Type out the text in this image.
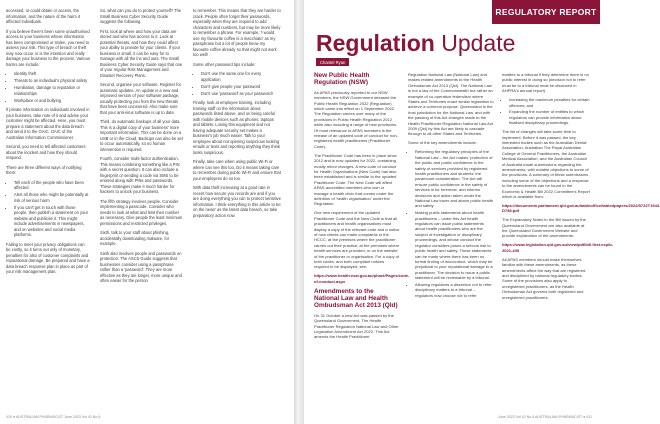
accessed, or could obtain or access, the information, and the nature of the harm it affected individuals.

If you believe there's been some unauthorised access to your business whose information has been compromised or stolen, you need to assess your risk. This type of breach or theft may now occur or is the intention and really damage your business to the process. Various harms are include:

• Identity theft
• Threats to an individual's physical safety
• Humiliation, damage to reputation or relationships
• Workplace or and bullying

If private information on individuals involved in your business, take note of it and advise your customer might be affected. Here, you must prepare a statement about the data breach and send it to the OAIC. OAIC of the Australian Information Commissioner.

Second, you need to tell affected customers about the incident and how they should respond.

There are three different ways of notifying them:

• Tell each of the people who have been affected
• Alert all those who might be potentially at risk of serious harm
• If you can't get in touch with those people, then publish a statement on your website and publicise it. This might include advertisements in newspapers, and on websites and social media platforms.

Failing to meet your privacy obligations can be costly, so it turns out only of monetary, penalties for also of customer complaints and reputational damage. Be prepared and have a data breach response plan in place as part of your risk management plan.

So, what can you do to protect yourself? The Small Business Cyber Security Guide suggests the following.

First, look at where and how your data are stored and who has access to it. Look at potential threats, and how they could affect your ability to provide for your clients. If your business is small, it can be easy for to manage with all the ins and outs. The Small Business Cyber Security Guide says that one of your regular Risk Management and Disaster Recovery Plans.

Second, organise your software. Register for automatic updates. An update is a new and improved version of your software package, usually protecting you from the new threats that have been uncovered. Also make sure that your anti-virus software is up to date.

Third, do automatic backups of all your data. This is a digital copy of your business' more important information. This can be done on a USB or in the Cloud. Backups can also be set to occur automatically, so no human intervention is required.

Fourth, consider multi-factor authentication. This means combining something like a PIN with a secret question. It can also include a fingerprint or sending a code via SMS to be entered along with PINs and passwords. These strategies make it much harder for hackers to unlock your business.

The fifth strategy involves people. Consider implementing a passcode. Consider who needs to look at what and limit their number as necessary. Give people the least minimum permissions and restricted privileges.

Sixth, talk to your staff about phishing, accidentally downloading malware, for example.

Sixth also involves people and passwords on protection. The ASCS Guide suggests that businesses consider using a passphrase rather than a 'password'. They are more effective as they are longer, more unique and often easier for the person

to remember. This means that they are harder to crack. People often forget their passwords, especially when they are required to add characters and numbers, but may be more likely to remember a phrase. For example, 'I would use my favourite coffee is a macchiato' as my passphrase but a lot of people know my favourite coffee already so that might not work too well!

Some other password tips include:

• Don't use the same one for every application
• Don't give people your password
• Don't use 'password' as your password!

Finally, look at employee training, including training staff on the information about passwords listed above, and on being careful with mobile devices such as phones, laptops and tablets. Losing this equipment and not having adequate security set makes a business's job much easier. Talk to your employee about not opening suspicious looking emails or texts and reporting anything they think looks suspicious.

Finally, take care when using public Wi-Fi or where can see this too. Do it means taking care to remember during public Wi-Fi and ensure that your employees do so too.

With data theft increasing at a good rate in recent how secure you records are and if you are doing everything you can to protect sensitive information. I think everything in this article to be on the news' as the latest data breach, so take preparatory action now.

410 ● AUSTRALIAN PHARMACIST June 2023 Vol 42 No 6
REGULATORY REPORT
Regulation Update
Chantel Ryan
New Public Health Regulation (NSW)

As APAS previously reported to our NSW members, the NSW Government released the Public Health Regulation 2022 (Regulation) which came into effect on 1 September 2022. The Regulation carries over many of the provisions in Public Health Regulation 2012 while also including a range of new provisions. Of most relevance to APAS members is the release of an updated code of conduct for non-registered health practitioners (Practitioner Code).

The Practitioner Code has been in place since 2012 and is now updated for 2022, containing mostly minor changes. A new code of conduct for Health Organisations (New Code) has also been established and is similar to the updated Practitioner Code. The New Code will affect APAS-accredited members who own or manage a health clinic that comes under the definition of 'health organisation' under the Regulation.

One new requirement of the updated Practitioner Code and the New Code is that all practitioners and health organisations must display a copy of the relevant code and a notice of how clients can make complaints to the HCCC, at the premises where the practitioner carries out their practice; at the premises where health services are provided; or on the website of the practitioner or organisation. For a copy of both codes, and both compliant notices required to be displayed, see:

https://www.health.nsw.gov.au/phact/Pages/code-of-conduct.aspx

Amendments to the National Law and Health Ombudsman Act 2013 (Qld)

On 31 October a new Act was passed by the Queensland Government, The Health Practitioner Regulation National Law and Other Legislation Amendment Act 2022. This Act amends the Health Practitioner

Regulation National Law (National Law) and makes related amendments to the Health Ombudsman Act 2013 (Qld). The National Law is not a law of the Commonwealth but rather an example of co-operative federalism where States and Territories enact similar legislation to achieve a common purpose. Queensland is the host jurisdiction for the National Law, and with the passing of this Act changes made to the Health Practitioner Regulation National Law Act 2009 (Qld) by this Act are likely to cascade through to all other States and Territories.

Some of the key amendments include:

• Reforming the regulatory principles of the National Law – the Act makes 'protection of the public and public confidence in the safety of services provided by registered health practitioners and students' the paramount consideration. The Act will ensure public confidence in the safety of services is for foremost, and informs decisions and action taken under the National Law lower and above public health and safety.
• Making public statements about health practitioners – under this Act health regulators can issue public statements about health practitioners who are the subject of investigation or disciplinary proceedings, and whose conduct the regulator considers poses a serious risk to public health and safety. These statements can be made where there has been no formal finding of misconduct, which may be prejudicial to your reputational damage to a practitioner. The decision to issue a public statement will be reviewable by a tribunal.
• Allowing regulators a discretion not to refer disciplinary matters to a tribunal – regulators now choose not to refer

matters to a tribunal if they determine there is no public interest in doing so (decision not to refer must be to a tribunal must be disclosed in AHPRA's annual report).

• Increasing the maximum penalties for certain offences; and
• Expanding the number of entities to which regulators can provide information about finalised disciplinary proceedings.

The list of changes will take some time to implement. Before it was passed, the key interested bodies such as the Australian Dental Association, Australian The Royal Australian College of General Practitioners, the Australian Medical Association, and the Australian Council of Australia made submissions regarding the amendments, with notable objections to some of the provisions. A summary of these submissions including some of the objections and a response to the amendments can be found in the Economic & Health Bill 2022 Committee's Report which is available from:

https://documents.parliament.qld.gov.au/tableoffice/tabledpapers/2022/5722T1943-D798.pdf

The Explanatory Notes to the Bill issued by the Queensland Government are also available at the Queensland Government Website and provide explanation of the amendments:

https://www.legislation.qld.gov.au/view/pdf/bill.first.exp/b-2021-439

All APAS members should make themselves familiar with these amendments, as these amendments affect the way that are registered and disciplined by national regulatory bodies. Some of the provisions also apply to unregistered practitioners, as the Health Ombudsman Act governs both registered and unregistered practitioners.

June 2023 Vol 42 No 6 AUSTRALIAN PHARMACIST ● 411
